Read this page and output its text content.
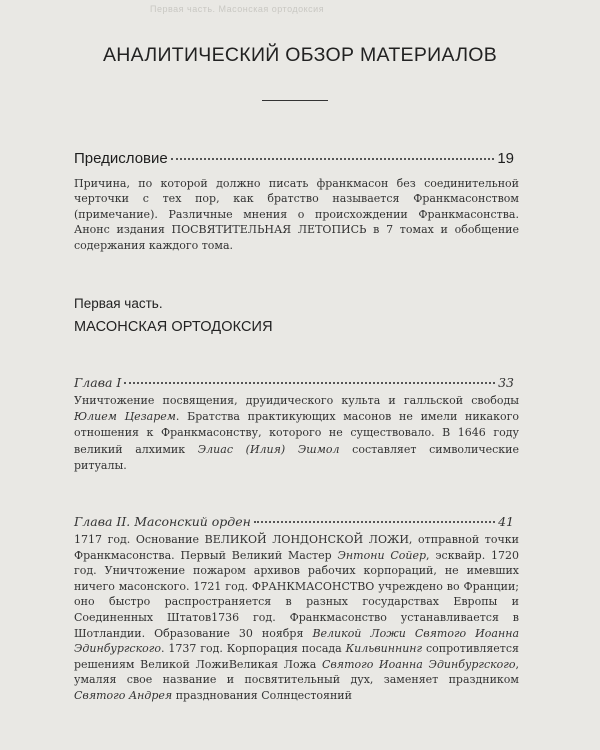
Первая часть. Масонская ортодоксия
АНАЛИТИЧЕСКИЙ ОБЗОР МАТЕРИАЛОВ
Предисловие	19
Причина, по которой должно писать франкмасон без соединительной черточки с тех пор, как братство называется Франкмасонством (примечание). Различные мнения о происхождении Франкмасонства. Анонс издания ПОСВЯТИТЕЛЬНАЯ ЛЕТОПИСЬ в 7 томах и обобщение содержания каждого тома.
Первая часть.
МАСОНСКАЯ ОРТОДОКСИЯ
Глава I	33
Уничтожение посвящения, друидического культа и галльской свободы Юлием Цезарем. Братства практикующих масонов не имели никакого отношения к Франкмасонству, которого не существовало. В 1646 году великий алхимик Элиас (Илия) Эшмол составляет символические ритуалы.
Глава II. Масонский орден	41
1717 год. Основание ВЕЛИКОЙ ЛОНДОНСКОЙ ЛОЖИ, отправной точки Франкмасонства. Первый Великий Мастер Энтони Сойер, эсквайр. 1720 год. Уничтожение пожаром архивов рабочих корпораций, не имевших ничего масонского. 1721 год. ФРАНКМАСОНСТВО учреждено во Франции; оно быстро распространяется в разных государствах Европы и Соединенных Штатов1736 год. Франкмасонство устанавливается в Шотландии. Образование 30 ноября Великой Ложи Святого Иоанна Эдинбургского. 1737 год. Корпорация посада Кильвиннинг сопротивляется решениям Великой ЛожиВеликая Ложа Святого Иоанна Эдинбургского, умаляя свое название и посвятительный дух, заменяет праздником Святого Андрея празднования Солнцестояний
